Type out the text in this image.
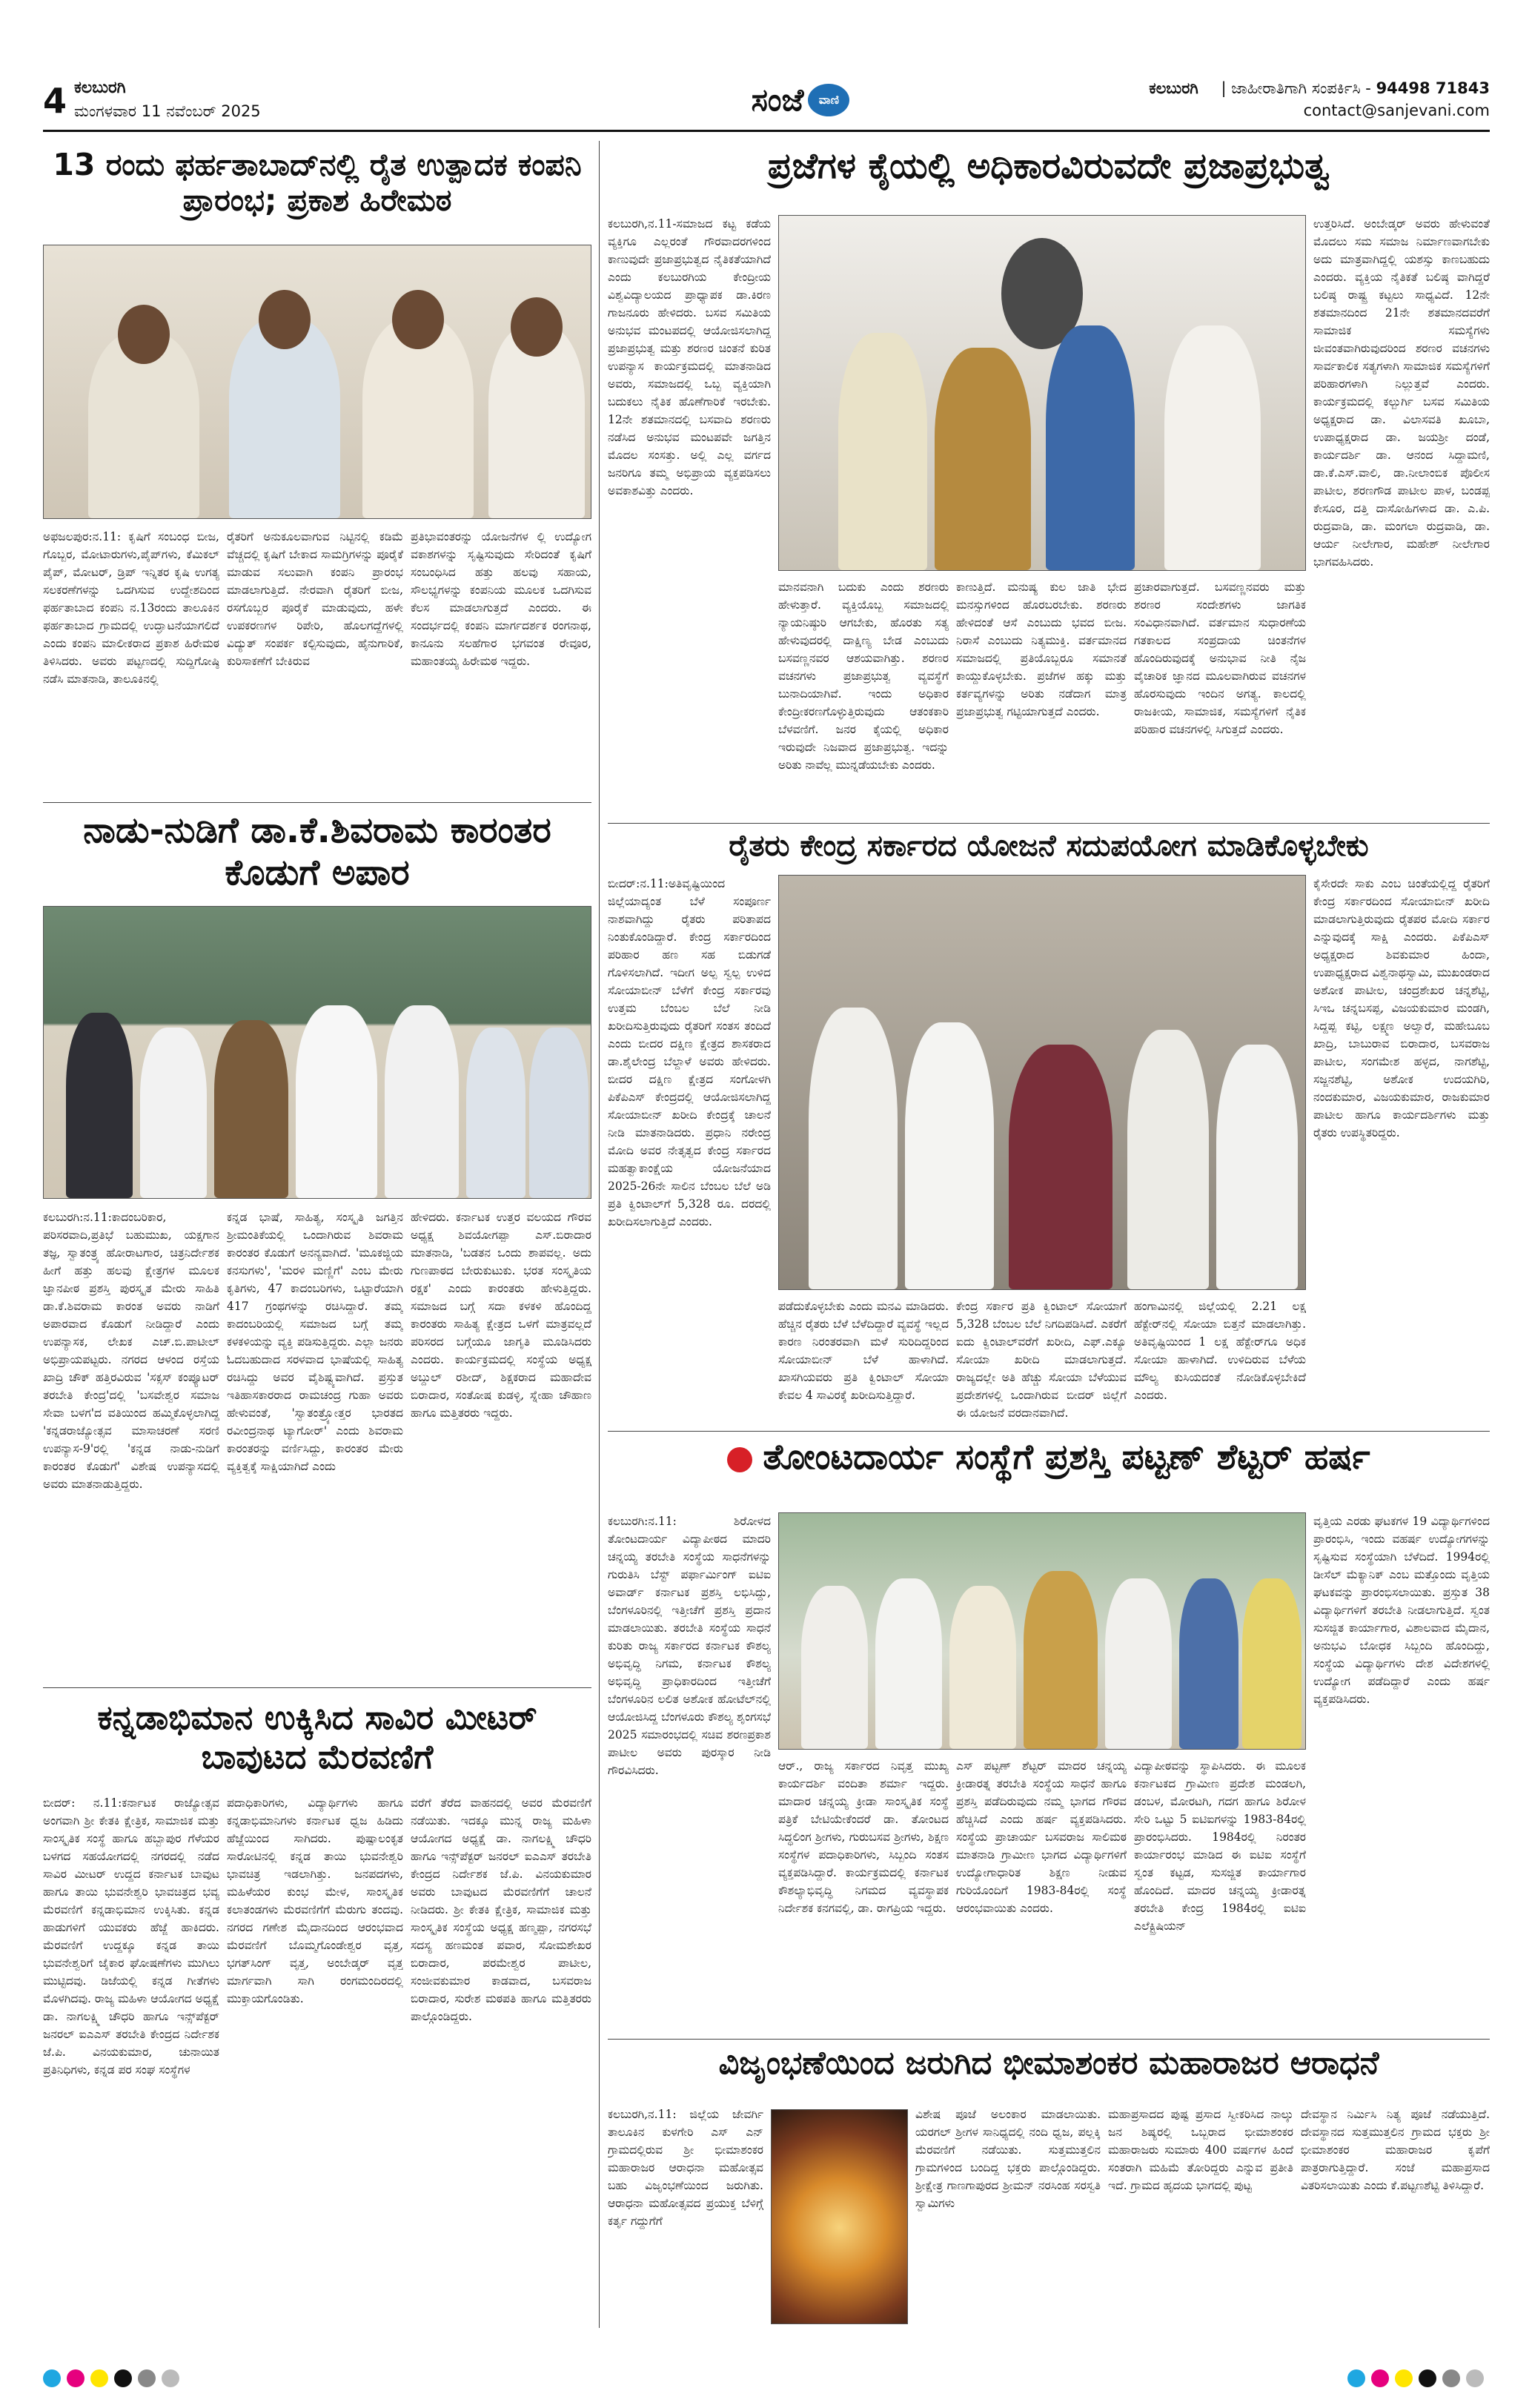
4 ಕಲಬುರಗಿ
ಮಂಗಳವಾರ 11 ನವೆಂಬರ್ 2025	ಸಂಜೆ	ವಾಣಿ
ಕಲಬುರಗಿ | ಜಾಹೀರಾತಿಗಾಗಿ ಸಂಪರ್ಕಿಸಿ - 94498 71843
contact@sanjevani.com
13 ರಂದು ಫರ್ಹತಾಬಾದ್‌ನಲ್ಲಿ ರೈತ ಉತ್ಪಾದಕ ಕಂಪನಿ ಪ್ರಾರಂಭ; ಪ್ರಕಾಶ ಹಿರೇಮಠ
ಅಫಜಲಪುರ:ನ.11: ಕೃಷಿಗೆ ಸಂಬಂಧ ಬೀಜ, ಗೊಬ್ಬರ, ಮೋಟಾರುಗಳು,ಪೈಪ್‌ಗಳು, ಕೆಮಿಕಲ್ ಪೈಪ್, ಮೋಟರ್, ಡ್ರಿಪ್ ಇನ್ನಿತರ ಕೃಷಿ ಉಗತ್ಯ ಸಲಕರಣೆಗಳನ್ನು ಒದಗಿಸುವ ಉದ್ದೇಶದಿಂದ ಫರ್ಹತಾಬಾದ ಕಂಪನಿ ನ.13ರಂದು ತಾಲೂಕಿನ ಫರ್ಹತಾಬಾದ ಗ್ರಾಮದಲ್ಲಿ ಉದ್ಘಾಟನೆಯಾಗಲಿದೆ ಎಂದು ಕಂಪನಿ ಮಾಲೀಕರಾದ ಪ್ರಕಾಶ ಹಿರೇಮಠ ತಿಳಿಸಿದರು. ಅವರು ಪಟ್ಟಣದಲ್ಲಿ ಸುದ್ದಿಗೋಷ್ಠಿ ನಡೆಸಿ ಮಾತನಾಡಿ, ತಾಲೂಕಿನಲ್ಲಿ
ರೈತರಿಗೆ ಅನುಕೂಲವಾಗುವ ನಿಟ್ಟಿನಲ್ಲಿ ಕಡಿಮೆ ವೆಚ್ಚದಲ್ಲಿ ಕೃಷಿಗೆ ಬೇಕಾದ ಸಾಮಗ್ರಿಗಳನ್ನು ಪೂರೈಕೆ ಮಾಡುವ ಸಲುವಾಗಿ ಕಂಪನಿ ಪ್ರಾರಂಭ ಮಾಡಲಾಗುತ್ತಿದೆ. ನೇರವಾಗಿ ರೈತರಿಗೆ ಬೀಜ, ರಸಗೊಬ್ಬರ ಪೂರೈಕೆ ಮಾಡುವುದು, ಹಳೇ ಉಪಕರಣಗಳ ರಿಪೇರಿ, ಹೊಲಗದ್ದೆಗಳಲ್ಲಿ ವಿದ್ಯುತ್ ಸಂಪರ್ಕ ಕಲ್ಪಿಸುವುದು, ಹೈನುಗಾರಿಕೆ, ಕುರಿಸಾಕಣೆಗೆ ಬೇಕಿರುವ
ಪ್ರತಿಭಾವಂತರನ್ನು ಯೋಜನೆಗಳ ಲ್ಲಿ ಉದ್ಯೋಗ ವಕಾಶಗಳನ್ನು ಸೃಷ್ಟಿಸುವುದು ಸೇರಿದಂತೆ ಕೃಷಿಗೆ ಸಂಬಂಧಿಸಿದ ಹತ್ತು ಹಲವು ಸಹಾಯ, ಸೌಲಭ್ಯಗಳನ್ನು ಕಂಪನಿಯ ಮೂಲಕ ಒದಗಿಸುವ ಕೆಲಸ ಮಾಡಲಾಗುತ್ತದೆ ಎಂದರು. ಈ ಸಂದರ್ಭದಲ್ಲಿ ಕಂಪನಿ ಮಾರ್ಗದರ್ಶಕ ರಂಗನಾಥ, ಕಾನೂನು ಸಲಹೆಗಾರ ಭಗವಂತ ರೇವೂರ, ಮಹಾಂತಯ್ಯ ಹಿರೇಮಠ ಇದ್ದರು.
ನಾಡು-ನುಡಿಗೆ ಡಾ.ಕೆ.ಶಿವರಾಮ ಕಾರಂತರ ಕೊಡುಗೆ ಅಪಾರ
ಕಲಬುರಗಿ:ನ.11:ಕಾದಂಬರಿಕಾರ, ಪರಿಸರವಾದಿ,ಪ್ರತಿಭೆ ಬಹುಮುಖ, ಯಕ್ಷಗಾನ ತಜ್ಞ, ಸ್ವಾತಂತ್ರ್ಯ ಹೋರಾಟಗಾರ, ಚಿತ್ರನಿರ್ದೇಶಕ ಹೀಗೆ ಹತ್ತು ಹಲವು ಕ್ಷೇತ್ರಗಳ ಮೂಲಕ ಜ್ಞಾನಪೀಠ ಪ್ರಶಸ್ತಿ ಪುರಸ್ಕೃತ ಮೇರು ಸಾಹಿತಿ ಡಾ.ಕೆ.ಶಿವರಾಮ ಕಾರಂತ ಅವರು ನಾಡಿಗೆ ಅಪಾರವಾದ ಕೊಡುಗೆ ನೀಡಿದ್ದಾರೆ ಎಂದು ಉಪನ್ಯಾಸಕ, ಲೇಖಕ ಎಚ್.ಬಿ.ಪಾಟೀಲ್ ಅಭಿಪ್ರಾಯಪಟ್ಟರು. ನಗರದ ಆಳಂದ ರಸ್ತೆಯ ಖಾದ್ರಿ ಚೌಕ್ ಹತ್ತಿರವಿರುವ 'ಸಕ್ಸಸ್ ಕಂಪ್ಯೂಟರ್ ತರಬೇತಿ ಕೇಂದ್ರ'ದಲ್ಲಿ 'ಬಸವೇಶ್ವರ ಸಮಾಜ ಸೇವಾ ಬಳಗ'ದ ವತಿಯಿಂದ ಹಮ್ಮಿಕೊಳ್ಳಲಾಗಿದ್ದ 'ಕನ್ನಡರಾಜ್ಯೋತ್ಸವ ಮಾಸಾಚರಣೆ ಸರಣಿ ಉಪನ್ಯಾಸ-9'ರಲ್ಲಿ 'ಕನ್ನಡ ನಾಡು-ನುಡಿಗೆ ಕಾರಂತರ ಕೊಡುಗೆ' ವಿಶೇಷ ಉಪನ್ಯಾಸದಲ್ಲಿ ಅವರು ಮಾತನಾಡುತ್ತಿದ್ದರು.
ಕನ್ನಡ ಭಾಷೆ, ಸಾಹಿತ್ಯ, ಸಂಸ್ಕೃತಿ ಜಗತ್ತಿನ ಶ್ರೀಮಂತಿಕೆಯಲ್ಲಿ ಒಂದಾಗಿರುವ ಶಿವರಾಮ ಕಾರಂತರ ಕೊಡುಗೆ ಅನನ್ಯವಾಗಿದೆ. 'ಮೂಕಜ್ಜಿಯ ಕನಸುಗಳು', 'ಮರಳಿ ಮಣ್ಣಿಗೆ' ಎಂಬ ಮೇರು ಕೃತಿಗಳು, 47 ಕಾದಂಬರಿಗಳು, ಒಟ್ಟಾರೆಯಾಗಿ 417 ಗ್ರಂಥಗಳನ್ನು ರಚಿಸಿದ್ದಾರೆ. ತಮ್ಮ ಕಾದಂಬರಿಯಲ್ಲಿ ಸಮಾಜದ ಬಗ್ಗೆ ತಮ್ಮ ಕಳಕಳಿಯನ್ನು ವ್ಯಕ್ತಿ ಪಡಿಸುತ್ತಿದ್ದರು. ಎಲ್ಲಾ ಜನರು ಓದಬಹುದಾದ ಸರಳವಾದ ಭಾಷೆಯಲ್ಲಿ ಸಾಹಿತ್ಯ ರಚಿಸಿದ್ದು ಅವರ ವೈಶಿಷ್ಟ್ಯವಾಗಿದೆ. ಪ್ರಸ್ತುತ ಇತಿಹಾಸಕಾರರಾದ ರಾಮಚಂದ್ರ ಗುಹಾ ಅವರು ಹೇಳುವಂತೆ, 'ಸ್ವಾತಂತ್ರ್ಯೋತ್ತರ ಭಾರತದ ರವೀಂದ್ರನಾಥ ಟ್ಯಾಗೋರ್' ಎಂದು ಶಿವರಾಮ ಕಾರಂತರನ್ನು ವರ್ಣಿಸಿದ್ದು, ಕಾರಂತರ ಮೇರು ವ್ಯಕ್ತಿತ್ವಕ್ಕೆ ಸಾಕ್ಷಿಯಾಗಿದೆ ಎಂದು
ಹೇಳಿದರು. ಕರ್ನಾಟಕ ಉತ್ತರ ವಲಯದ ಗೌರವ ಅಧ್ಯಕ್ಷ ಶಿವಯೋಗಪ್ಪಾ ಎಸ್.ಬಿರಾದಾರ ಮಾತನಾಡಿ, 'ಬಡತನ ಒಂದು ಶಾಪವಲ್ಲ. ಅದು ಗುಣಪಾಠದ ಬೇರುಕುಟುಕು. ಭರತ ಸಂಸ್ಕೃತಿಯ ರಕ್ಷಕ' ಎಂದು ಕಾರಂತರು ಹೇಳುತ್ತಿದ್ದರು. ಸಮಾಜದ ಬಗ್ಗೆ ಸದಾ ಕಳಕಳಿ ಹೊಂದಿದ್ದ ಕಾರಂತರು ಸಾಹಿತ್ಯ ಕ್ಷೇತ್ರದ ಒಳಗೆ ಮಾತ್ರವಲ್ಲದೆ ಪರಿಸರದ ಬಗ್ಗೆಯೂ ಜಾಗೃತಿ ಮೂಡಿಸಿದರು ಎಂದರು. ಕಾರ್ಯಕ್ರಮದಲ್ಲಿ ಸಂಸ್ಥೆಯ ಅಧ್ಯಕ್ಷ ಅಬ್ದುಲ್ ರಶೀದ್, ಶಿಕ್ಷಕರಾದ ಮಹಾದೇವ ಬಿರಾದಾರ, ಸಂತೋಷ ಕುಡಳ್ಳಿ, ಸ್ನೇಹಾ ಚೌಹಾಣ ಹಾಗೂ ಮತ್ತಿತರರು ಇದ್ದರು.
ಕನ್ನಡಾಭಿಮಾನ ಉಕ್ಕಿಸಿದ ಸಾವಿರ ಮೀಟರ್ ಬಾವುಟದ ಮೆರವಣಿಗೆ
ಬೀದರ್: ನ.11:ಕರ್ನಾಟಕ ರಾಜ್ಯೋತ್ಸವ ಅಂಗವಾಗಿ ಶ್ರೀ ಕೇತಕಿ ಕ್ಷೇತ್ರಿಕ, ಸಾಮಾಜಿಕ ಮತ್ತು ಸಾಂಸ್ಕೃತಿಕ ಸಂಸ್ಥೆ ಹಾಗೂ ಹಬ್ಬಾಪುರ ಗೆಳೆಯರ ಬಳಗದ ಸಹಯೋಗದಲ್ಲಿ ನಗರದಲ್ಲಿ ನಡೆದ ಸಾವಿರ ಮೀಟರ್ ಉದ್ದದ ಕರ್ನಾಟಕ ಬಾವುಟ ಹಾಗೂ ತಾಯಿ ಭುವನೇಶ್ವರಿ ಭಾವಚಿತ್ರದ ಭವ್ಯ ಮೆರವಣಿಗೆ ಕನ್ನಡಾಭಿಮಾನ ಉಕ್ಕಿಸಿತು. ಕನ್ನಡ ಹಾಡುಗಳಿಗೆ ಯುವಕರು ಹೆಜ್ಜೆ ಹಾಕಿದರು. ಮೆರವಣಿಗೆ ಉದ್ದಕ್ಕೂ ಕನ್ನಡ ತಾಯಿ ಭುವನೇಶ್ವರಿಗೆ ಜೈಕಾರ ಘೋಷಣೆಗಳು ಮುಗಿಲು ಮುಟ್ಟಿದವು. ಡಿಜೆಯಲ್ಲಿ ಕನ್ನಡ ಗೀತೆಗಳು ಮೊಳಗಿದವು. ರಾಜ್ಯ ಮಹಿಳಾ ಆಯೋಗದ ಅಧ್ಯಕ್ಷೆ ಡಾ. ನಾಗಲಕ್ಷ್ಮಿ ಚೌಧರಿ ಹಾಗೂ ಇನ್ಸ್‌ಪೆಕ್ಟರ್ ಜನರಲ್ ಐಎಎಸ್ ತರಬೇತಿ ಕೇಂದ್ರದ ನಿರ್ದೇಶಕ ಜೆ.ಪಿ. ವಿನಯಕುಮಾರ, ಚುನಾಯಿತ ಪ್ರತಿನಿಧಿಗಳು, ಕನ್ನಡ ಪರ ಸಂಘ ಸಂಸ್ಥೆಗಳ
ಪದಾಧಿಕಾರಿಗಳು, ವಿದ್ಯಾರ್ಥಿಗಳು ಹಾಗೂ ಕನ್ನಡಾಭಿಮಾನಿಗಳು ಕರ್ನಾಟಕ ಧ್ವಜ ಹಿಡಿದು ಹೆಜ್ಜೆಯಿಂದ ಸಾಗಿದರು. ಪುಷ್ಪಾಲಂಕೃತ ಸಾರೋಟಿನಲ್ಲಿ ಕನ್ನಡ ತಾಯಿ ಭುವನೇಶ್ವರಿ ಭಾವಚಿತ್ರ ಇಡಲಾಗಿತ್ತು. ಜನಪದಗಳು, ಮಹಿಳೆಯರ ಕುಂಭ ಮೇಳ, ಸಾಂಸ್ಕೃತಿಕ ಕಲಾತಂಡಗಳು ಮೆರವಣಿಗೆಗೆ ಮೆರುಗು ತಂದವು. ನಗರದ ಗಣೇಶ ಮೈದಾನದಿಂದ ಆರಂಭವಾದ ಮೆರವಣಿಗೆ ಬೊಮ್ಮಗೊಂಡೇಶ್ವರ ವೃತ್ತ, ಭಗತ್‌ಸಿಂಗ್ ವೃತ್ತ, ಅಂಬೇಡ್ಕರ್ ವೃತ್ತ ಮಾರ್ಗವಾಗಿ ಸಾಗಿ ರಂಗಮಂದಿರದಲ್ಲಿ ಮುಕ್ತಾಯಗೊಂಡಿತು.
ವರೆಗೆ ತೆರೆದ ವಾಹನದಲ್ಲಿ ಅವರ ಮೆರವಣಿಗೆ ನಡೆಯಿತು. ಇದಕ್ಕೂ ಮುನ್ನ ರಾಜ್ಯ ಮಹಿಳಾ ಆಯೋಗದ ಅಧ್ಯಕ್ಷೆ ಡಾ. ನಾಗಲಕ್ಷ್ಮಿ ಚೌಧರಿ ಹಾಗೂ ಇನ್ಸ್‌ಪೆಕ್ಟರ್ ಜನರಲ್ ಐಎಎಸ್ ತರಬೇತಿ ಕೇಂದ್ರದ ನಿರ್ದೇಶಕ ಜೆ.ಪಿ. ವಿನಯಕುಮಾರ ಅವರು ಬಾವುಟದ ಮೆರವಣಿಗೆಗೆ ಚಾಲನೆ ನೀಡಿದರು. ಶ್ರೀ ಕೇತಕಿ ಕ್ಷೇತ್ರಿಕ, ಸಾಮಾಜಿಕ ಮತ್ತು ಸಾಂಸ್ಕೃತಿಕ ಸಂಸ್ಥೆಯ ಅಧ್ಯಕ್ಷ ಹಣ್ಮಪ್ಪಾ, ನಗರಸಭೆ ಸದಸ್ಯ ಹಣಮಂತ ಪವಾರ, ಸೋಮಶೇಖರ ಬಿರಾದಾರ, ಪರಮೇಶ್ವರ ಪಾಟೀಲ, ಸಂಜೀವಕುಮಾರ ಕಾಡವಾದ, ಬಸವರಾಜ ಬಿರಾದಾರ, ಸುರೇಶ ಮಠಪತಿ ಹಾಗೂ ಮತ್ತಿತರರು ಪಾಲ್ಗೊಂಡಿದ್ದರು.
ಪ್ರಜೆಗಳ ಕೈಯಲ್ಲಿ ಅಧಿಕಾರವಿರುವದೇ ಪ್ರಜಾಪ್ರಭುತ್ವ
ಕಲಬುರಗಿ,ನ.11-ಸಮಾಜದ ಕಟ್ಟ ಕಡೆಯ ವ್ಯಕ್ತಿಗೂ ಎಲ್ಲರಂತೆ ಗೌರವಾದರಗಳಿಂದ ಕಾಣುವುದೇ ಪ್ರಜಾಪ್ರಭುತ್ವದ ನೈತಿಕತೆಯಾಗಿದೆ ಎಂದು ಕಲಬುರಗಿಯ ಕೇಂದ್ರೀಯ ವಿಶ್ವವಿದ್ಯಾಲಯದ ಪ್ರಾಧ್ಯಾಪಕ ಡಾ.ಕಿರಣ ಗಾಜನೂರು ಹೇಳಿದರು. ಬಸವ ಸಮಿತಿಯ ಅನುಭವ ಮಂಟಪದಲ್ಲಿ ಆಯೋಜಿಸಲಾಗಿದ್ದ ಪ್ರಜಾಪ್ರಭುತ್ವ ಮತ್ತು ಶರಣರ ಚಿಂತನೆ ಕುರಿತ ಉಪನ್ಯಾಸ ಕಾರ್ಯಕ್ರಮದಲ್ಲಿ ಮಾತನಾಡಿದ ಅವರು, ಸಮಾಜದಲ್ಲಿ ಒಬ್ಬ ವ್ಯಕ್ತಿಯಾಗಿ ಬದುಕಲು ನೈತಿಕ ಹೊಣೆಗಾರಿಕೆ ಇರಬೇಕು. 12ನೇ ಶತಮಾನದಲ್ಲಿ ಬಸವಾದಿ ಶರಣರು ನಡೆಸಿದ ಅನುಭವ ಮಂಟಪವೇ ಜಗತ್ತಿನ ಮೊದಲ ಸಂಸತ್ತು. ಅಲ್ಲಿ ಎಲ್ಲ ವರ್ಗದ ಜನರಿಗೂ ತಮ್ಮ ಅಭಿಪ್ರಾಯ ವ್ಯಕ್ತಪಡಿಸಲು ಅವಕಾಶವಿತ್ತು ಎಂದರು.
ಉತ್ತರಿಸಿದೆ. ಅಂಬೇಡ್ಕರ್ ಅವರು ಹೇಳುವಂತೆ ಮೊದಲು ಸಮ ಸಮಾಜ ನಿರ್ಮಾಣವಾಗಬೇಕು ಅದು ಮಾತ್ರವಾಗಿದ್ದಲ್ಲಿ ಯಶಸ್ಸು ಕಾಣಬಹುದು ಎಂದರು. ವ್ಯಕ್ತಿಯ ನೈತಿಕತೆ ಬಲಿಷ್ಠ ವಾಗಿದ್ದರೆ ಬಲಿಷ್ಠ ರಾಷ್ಟ್ರ ಕಟ್ಟಲು ಸಾಧ್ಯವಿದೆ. 12ನೇ ಶತಮಾನದಿಂದ 21ನೇ ಶತಮಾನದವರೆಗೆ ಸಾಮಾಜಿಕ ಸಮಸ್ಯೆಗಳು ಜೀವಂತವಾಗಿರುವುದರಿಂದ ಶರಣರ ವಚನಗಳು ಸಾರ್ವಕಾಲಿಕ ಸತ್ಯಗಳಾಗಿ ಸಾಮಾಜಿಕ ಸಮಸ್ಯೆಗಳಿಗೆ ಪರಿಹಾರಗಳಾಗಿ ನಿಲ್ಲುತ್ತವೆ ಎಂದರು. ಕಾರ್ಯಕ್ರಮದಲ್ಲಿ ಕಲ್ಬುರ್ಗಿ ಬಸವ ಸಮಿತಿಯ ಅಧ್ಯಕ್ಷರಾದ ಡಾ. ವಿಲಾಸವತಿ ಖೂಬಾ, ಉಪಾಧ್ಯಕ್ಷರಾದ ಡಾ. ಜಯಶ್ರೀ ದಂಡೆ, ಕಾರ್ಯದರ್ಶಿ ಡಾ. ಆನಂದ ಸಿದ್ದಾಮಣಿ, ಡಾ.ಕೆ.ಎಸ್.ವಾಲಿ, ಡಾ.ನೀಲಾಂಬಿಕ ಪೊಲೀಸ ಪಾಟೀಲ, ಶರಣಗೌಡ ಪಾಟೀಲ ಪಾಳ, ಬಂಡಪ್ಪ ಕೇಸೂರ, ದತ್ತಿ ದಾಸೋಹಿಗಳಾದ ಡಾ. ಎ.ಪಿ. ರುದ್ರವಾಡಿ, ಡಾ. ಮಂಗಲಾ ರುದ್ರವಾಡಿ, ಡಾ. ಆರ್ಯ ನೀಲೇಗಾರ, ಮಹೇಶ್ ನೀಲೇಗಾರ ಭಾಗವಹಿಸಿದರು.
ಮಾನವನಾಗಿ ಬದುಕು ಎಂದು ಶರಣರು ಹೇಳುತ್ತಾರೆ. ವ್ಯಕ್ತಿಯೊಬ್ಬ ಸಮಾಜದಲ್ಲಿ ನ್ಯಾಯನಿಷ್ಠುರಿ ಆಗಬೇಕು, ಹೊರತು ಸತ್ಯ ಹೇಳುವುದರಲ್ಲಿ ದಾಕ್ಷಿಣ್ಯ ಬೇಡ ಎಂಬುದು ಬಸವಣ್ಣನವರ ಆಶಯವಾಗಿತ್ತು. ಶರಣರ ವಚನಗಳು ಪ್ರಜಾಪ್ರಭುತ್ವ ವ್ಯವಸ್ಥೆಗೆ ಬುನಾದಿಯಾಗಿವೆ. ಇಂದು ಅಧಿಕಾರ ಕೇಂದ್ರೀಕರಣಗೊಳ್ಳುತ್ತಿರುವುದು ಆತಂಕಕಾರಿ ಬೆಳವಣಿಗೆ. ಜನರ ಕೈಯಲ್ಲಿ ಅಧಿಕಾರ ಇರುವುದೇ ನಿಜವಾದ ಪ್ರಜಾಪ್ರಭುತ್ವ. ಇದನ್ನು ಅರಿತು ನಾವೆಲ್ಲ ಮುನ್ನಡೆಯಬೇಕು ಎಂದರು.
ಕಾಣುತ್ತಿದೆ. ಮನುಷ್ಯ ಕುಲ ಜಾತಿ ಭೇದ ಮನಸ್ಸುಗಳಿಂದ ಹೊರಬರಬೇಕು. ಶರಣರು ಹೇಳಿದಂತೆ ಆಸೆ ಎಂಬುದು ಭವದ ಬೀಜ. ನಿರಾಸೆ ಎಂಬುದು ನಿತ್ಯಮುಕ್ತಿ. ವರ್ತಮಾನದ ಸಮಾಜದಲ್ಲಿ ಪ್ರತಿಯೊಬ್ಬರೂ ಸಮಾನತೆ ಕಾಯ್ದುಕೊಳ್ಳಬೇಕು. ಪ್ರಜೆಗಳ ಹಕ್ಕು ಮತ್ತು ಕರ್ತವ್ಯಗಳನ್ನು ಅರಿತು ನಡೆದಾಗ ಮಾತ್ರ ಪ್ರಜಾಪ್ರಭುತ್ವ ಗಟ್ಟಿಯಾಗುತ್ತದೆ ಎಂದರು.
ಪ್ರಚಾರವಾಗುತ್ತದೆ. ಬಸವಣ್ಣನವರು ಮತ್ತು ಶರಣರ ಸಂದೇಶಗಳು ಜಾಗತಿಕ ಸಂವಿಧಾನವಾಗಿದೆ. ವರ್ತಮಾನ ಸುಧಾರಣೆಯ ಗತಕಾಲದ ಸಂಪ್ರದಾಯ ಚಿಂತನೆಗಳ ಹೊಂದಿರುವುದಕ್ಕೆ ಅನುಭಾವ ನೀತಿ ನೈಜ ವೈಚಾರಿಕ ಜ್ಞಾನದ ಮೂಲವಾಗಿರುವ ವಚನಗಳ ಹೊರಸುವುದು ಇಂದಿನ ಅಗತ್ಯ. ಕಾಲದಲ್ಲಿ ರಾಜಕೀಯ, ಸಾಮಾಜಿಕ, ಸಮಸ್ಯೆಗಳಿಗೆ ನೈತಿಕ ಪರಿಹಾರ ವಚನಗಳಲ್ಲಿ ಸಿಗುತ್ತದೆ ಎಂದರು.
ರೈತರು ಕೇಂದ್ರ ಸರ್ಕಾರದ ಯೋಜನೆ ಸದುಪಯೋಗ ಮಾಡಿಕೊಳ್ಳಬೇಕು
ಬೀದರ್:ನ.11:ಅತಿವೃಷ್ಟಿಯಿಂದ ಜಿಲ್ಲೆಯಾದ್ಯಂತ ಬೆಳೆ ಸಂಪೂರ್ಣ ನಾಶವಾಗಿದ್ದು ರೈತರು ಪರಿತಾಪದ ನಿಂತುಕೊಂಡಿದ್ದಾರೆ. ಕೇಂದ್ರ ಸರ್ಕಾರದಿಂದ ಪರಿಹಾರ ಹಣ ಸಹ ಬಿಡುಗಡೆ ಗೊಳಿಸಲಾಗಿದೆ. ಇದೀಗ ಅಲ್ಪ ಸ್ವಲ್ಪ ಉಳಿದ ಸೋಯಾಬೀನ್ ಬೆಳೆಗೆ ಕೇಂದ್ರ ಸರ್ಕಾರವು ಉತ್ತಮ ಬೆಂಬಲ ಬೆಲೆ ನೀಡಿ ಖರೀದಿಸುತ್ತಿರುವುದು ರೈತರಿಗೆ ಸಂತಸ ತಂದಿದೆ ಎಂದು ಬೀದರ ದಕ್ಷಿಣ ಕ್ಷೇತ್ರದ ಶಾಸಕರಾದ ಡಾ.ಶೈಲೇಂದ್ರ ಬೆಲ್ದಾಳೆ ಅವರು ಹೇಳಿದರು. ಬೀದರ ದಕ್ಷಿಣ ಕ್ಷೇತ್ರದ ಸಂಗೋಳಗಿ ಪಿಕೆಪಿಎಸ್ ಕೇಂದ್ರದಲ್ಲಿ ಆಯೋಜಿಸಲಾಗಿದ್ದ ಸೋಯಾಬೀನ್ ಖರೀದಿ ಕೇಂದ್ರಕ್ಕೆ ಚಾಲನೆ ನೀಡಿ ಮಾತನಾಡಿದರು. ಪ್ರಧಾನಿ ನರೇಂದ್ರ ಮೋದಿ ಅವರ ನೇತೃತ್ವದ ಕೇಂದ್ರ ಸರ್ಕಾರದ ಮಹತ್ವಾಕಾಂಕ್ಷೆಯ ಯೋಜನೆಯಾದ 2025-26ನೇ ಸಾಲಿನ ಬೆಂಬಲ ಬೆಲೆ ಅಡಿ ಪ್ರತಿ ಕ್ವಿಂಟಾಲ್‌ಗೆ 5,328 ರೂ. ದರದಲ್ಲಿ ಖರೀದಿಸಲಾಗುತ್ತಿದೆ ಎಂದರು.
ಕೈಸೇರದೇ ಸಾಕು ಎಂಬ ಚಿಂತೆಯಲ್ಲಿದ್ದ ರೈತರಿಗೆ ಕೇಂದ್ರ ಸರ್ಕಾರದಿಂದ ಸೋಯಾಬೀನ್ ಖರೀದಿ ಮಾಡಲಾಗುತ್ತಿರುವುದು ರೈತಪರ ಮೋದಿ ಸರ್ಕಾರ ಎನ್ನುವುದಕ್ಕೆ ಸಾಕ್ಷಿ ಎಂದರು. ಪಿಕೆಪಿಎಸ್ ಅಧ್ಯಕ್ಷರಾದ ಶಿವಕುಮಾರ ಹಿಂದಾ, ಉಪಾಧ್ಯಕ್ಷರಾದ ವಿಶ್ವನಾಥಸ್ವಾಮಿ, ಮುಖಂಡರಾದ ಅಶೋಕ ಪಾಟೀಲ, ಚಂದ್ರಶೇಖರ ಚನ್ನಶೆಟ್ಟಿ, ಸಿಇಒ ಚನ್ನಬಸಪ್ಪ, ವಿಜಯಕುಮಾರ ಮಂಡಗಿ, ಸಿದ್ದಪ್ಪ ಕಟ್ಟಿ, ಲಕ್ಷ್ಮಣ ಅಲ್ವಾರೆ, ಮಹೇಬೂಬ ಖಾದ್ರಿ, ಬಾಬುರಾವ ಬಿರಾದಾರ, ಬಸವರಾಜ ಪಾಟೀಲ, ಸಂಗಮೇಶ ಹಳ್ಳದ, ನಾಗಶೆಟ್ಟಿ, ಸಜ್ಜನಶೆಟ್ಟಿ, ಅಶೋಕ ಉದಯಗಿರಿ, ನಂದಕುಮಾರ, ವಿಜಯಕುಮಾರ, ರಾಜಕುಮಾರ ಪಾಟೀಲ ಹಾಗೂ ಕಾರ್ಯದರ್ಶಿಗಳು ಮತ್ತು ರೈತರು ಉಪಸ್ಥಿತರಿದ್ದರು.
ಪಡೆದುಕೊಳ್ಳಬೇಕು ಎಂದು ಮನವಿ ಮಾಡಿದರು. ಹೆಚ್ಚಿನ ರೈತರು ಬೆಳೆ ಬೆಳೆದಿದ್ದಾರೆ ವ್ಯವಸ್ಥೆ ಇಲ್ಲದ ಕಾರಣ ನಿರಂತರವಾಗಿ ಮಳೆ ಸುರಿದಿದ್ದರಿಂದ ಸೋಯಾಬೀನ್ ಬೆಳೆ ಹಾಳಾಗಿದೆ. ಖಾಸಗಿಯವರು ಪ್ರತಿ ಕ್ವಿಂಟಾಲ್ ಸೋಯಾ ಕೇವಲ 4 ಸಾವಿರಕ್ಕೆ ಖರೀದಿಸುತ್ತಿದ್ದಾರೆ.
ಕೇಂದ್ರ ಸರ್ಕಾರ ಪ್ರತಿ ಕ್ವಿಂಟಾಲ್ ಸೋಯಾಗೆ 5,328 ಬೆಂಬಲ ಬೆಲೆ ನಿಗದಿಪಡಿಸಿದೆ. ಎಕರೆಗೆ ಐದು ಕ್ವಿಂಟಾಲ್‌ವರೆಗೆ ಖರೀದಿ, ಎಫ್.ಎಕ್ಯೂ ಸೋಯಾ ಖರೀದಿ ಮಾಡಲಾಗುತ್ತದೆ. ರಾಜ್ಯದಲ್ಲೇ ಅತಿ ಹೆಚ್ಚು ಸೋಯಾ ಬೆಳೆಯುವ ಪ್ರದೇಶಗಳಲ್ಲಿ ಒಂದಾಗಿರುವ ಬೀದರ್ ಜಿಲ್ಲೆಗೆ ಈ ಯೋಜನೆ ವರದಾನವಾಗಿದೆ.
ಹಂಗಾಮಿನಲ್ಲಿ ಜಿಲ್ಲೆಯಲ್ಲಿ 2.21 ಲಕ್ಷ ಹೆಕ್ಟೇರ್‌ನಲ್ಲಿ ಸೋಯಾ ಬಿತ್ತನೆ ಮಾಡಲಾಗಿತ್ತು. ಅತಿವೃಷ್ಟಿಯಿಂದ 1 ಲಕ್ಷ ಹೆಕ್ಟೇರ್‌ಗೂ ಅಧಿಕ ಸೋಯಾ ಹಾಳಾಗಿದೆ. ಉಳಿದಿರುವ ಬೆಳೆಯ ಮೌಲ್ಯ ಕುಸಿಯದಂತೆ ನೋಡಿಕೊಳ್ಳಬೇಕಿದೆ ಎಂದರು.
ತೋಂಟದಾರ್ಯ ಸಂಸ್ಥೆಗೆ ಪ್ರಶಸ್ತಿ ಪಟ್ಟಣ್ ಶೆಟ್ಟರ್ ಹರ್ಷ
ಕಲಬುರಗಿ:ನ.11: ಶಿರೋಳದ ತೋಂಟದಾರ್ಯ ವಿದ್ಯಾಪೀಠದ ಮಾದರಿ ಚನ್ನಯ್ಯ ತರಬೇತಿ ಸಂಸ್ಥೆಯ ಸಾಧನೆಗಳನ್ನು ಗುರುತಿಸಿ ಬೆಸ್ಟ್ ಪರ್ಫಾರ್ಮಿಂಗ್ ಐಟಿಐ ಅವಾರ್ಡ್ ಕರ್ನಾಟಕ ಪ್ರಶಸ್ತಿ ಲಭಿಸಿದ್ದು, ಬೆಂಗಳೂರಿನಲ್ಲಿ ಇತ್ತೀಚೆಗೆ ಪ್ರಶಸ್ತಿ ಪ್ರದಾನ ಮಾಡಲಾಯಿತು. ತರಬೇತಿ ಸಂಸ್ಥೆಯ ಸಾಧನೆ ಕುರಿತು ರಾಜ್ಯ ಸರ್ಕಾರದ ಕರ್ನಾಟಕ ಕೌಶಲ್ಯ ಅಭಿವೃದ್ಧಿ ನಿಗಮ, ಕರ್ನಾಟಕ ಕೌಶಲ್ಯ ಅಭಿವೃದ್ಧಿ ಪ್ರಾಧಿಕಾರದಿಂದ ಇತ್ತೀಚೆಗೆ ಬೆಂಗಳೂರಿನ ಲಲಿತ ಅಶೋಕ ಹೋಟೆಲ್‌ನಲ್ಲಿ ಆಯೋಜಿಸಿದ್ದ ಬೆಂಗಳೂರು ಕೌಶಲ್ಯ ಶೃಂಗಸಭೆ 2025 ಸಮಾರಂಭದಲ್ಲಿ ಸಚಿವ ಶರಣಪ್ರಕಾಶ ಪಾಟೀಲ ಅವರು ಪುರಸ್ಕಾರ ನೀಡಿ ಗೌರವಿಸಿದರು.
ವೃತ್ತಿಯ ಎರಡು ಘಟಕಗಳ 19 ವಿದ್ಯಾರ್ಥಿಗಳಿಂದ ಪ್ರಾರಂಭಿಸಿ, ಇಂದು ವಹರ್ಷ ಉದ್ಯೋಗಗಳನ್ನು ಸೃಷ್ಟಿಸುವ ಸಂಸ್ಥೆಯಾಗಿ ಬೆಳೆದಿದೆ. 1994ರಲ್ಲಿ ಡೀಸೆಲ್ ಮೆಕ್ಯಾನಿಕ್ ಎಂಬ ಮತ್ತೊಂದು ವೃತ್ತಿಯ ಘಟಕವನ್ನು ಪ್ರಾರಂಭಿಸಲಾಯಿತು. ಪ್ರಸ್ತುತ 38 ವಿದ್ಯಾರ್ಥಿಗಳಿಗೆ ತರಬೇತಿ ನೀಡಲಾಗುತ್ತಿದೆ. ಸ್ವಂತ ಸುಸಜ್ಜಿತ ಕಾರ್ಯಾಗಾರ, ವಿಶಾಲವಾದ ಮೈದಾನ, ಅನುಭವಿ ಬೋಧಕ ಸಿಬ್ಬಂದಿ ಹೊಂದಿದ್ದು, ಸಂಸ್ಥೆಯ ವಿದ್ಯಾರ್ಥಿಗಳು ದೇಶ ವಿದೇಶಗಳಲ್ಲಿ ಉದ್ಯೋಗ ಪಡೆದಿದ್ದಾರೆ ಎಂದು ಹರ್ಷ ವ್ಯಕ್ತಪಡಿಸಿದರು.
ಆರ್., ರಾಜ್ಯ ಸರ್ಕಾರದ ನಿವೃತ್ತ ಮುಖ್ಯ ಕಾರ್ಯದರ್ಶಿ ವಂದಿತಾ ಶರ್ಮಾ ಇದ್ದರು. ಮಾದಾರ ಚನ್ನಯ್ಯ ಕ್ರೀಡಾ ಸಾಂಸ್ಕೃತಿಕ ಸಂಸ್ಥೆ ಪತ್ರಿಕೆ ಬೇಟಿಯೇಕೆಂದರೆ ಡಾ. ತೋಂಟದ ಸಿದ್ಧಲಿಂಗ ಶ್ರೀಗಳು, ಗುರುಬಸವ ಶ್ರೀಗಳು, ಶಿಕ್ಷಣ ಸಂಸ್ಥೆಗಳ ಪದಾಧಿಕಾರಿಗಳು, ಸಿಬ್ಬಂದಿ ಸಂತಸ ವ್ಯಕ್ತಪಡಿಸಿದ್ದಾರೆ. ಕಾರ್ಯಕ್ರಮದಲ್ಲಿ ಕರ್ನಾಟಕ ಕೌಶಲ್ಯಾಭಿವೃದ್ಧಿ ನಿಗಮದ ವ್ಯವಸ್ಥಾಪಕ ನಿರ್ದೇಶಕ ಕನಗವಲ್ಲಿ, ಡಾ. ರಾಗಪ್ರಿಯ ಇದ್ದರು.
ಎಸ್ ಪಟ್ಟಣ್ ಶೆಟ್ಟರ್ ಮಾದರ ಚನ್ನಯ್ಯ ಕ್ರೀಡಾರತ್ನ ತರಬೇತಿ ಸಂಸ್ಥೆಯ ಸಾಧನೆ ಹಾಗೂ ಪ್ರಶಸ್ತಿ ಪಡೆದಿರುವುದು ನಮ್ಮ ಭಾಗದ ಗೌರವ ಹೆಚ್ಚಿಸಿದೆ ಎಂದು ಹರ್ಷ ವ್ಯಕ್ತಪಡಿಸಿದರು. ಸಂಸ್ಥೆಯ ಪ್ರಾಚಾರ್ಯ ಬಸವರಾಜ ಸಾಲಿಮಠ ಮಾತನಾಡಿ ಗ್ರಾಮೀಣ ಭಾಗದ ವಿದ್ಯಾರ್ಥಿಗಳಿಗೆ ಉದ್ಯೋಗಾಧಾರಿತ ಶಿಕ್ಷಣ ನೀಡುವ ಗುರಿಯೊಂದಿಗೆ 1983-84ರಲ್ಲಿ ಸಂಸ್ಥೆ ಆರಂಭವಾಯಿತು ಎಂದರು.
ವಿದ್ಯಾಪೀಠವನ್ನು ಸ್ಥಾಪಿಸಿದರು. ಈ ಮೂಲಕ ಕರ್ನಾಟಕದ ಗ್ರಾಮೀಣ ಪ್ರದೇಶ ಮಂಡಲಗಿ, ಡಂಬಳ, ಮೋರಟಗಿ, ಗದಗ ಹಾಗೂ ಶಿರೋಳ ಸೇರಿ ಒಟ್ಟು 5 ಐಟಿಐಗಳನ್ನು 1983-84ರಲ್ಲಿ ಪ್ರಾರಂಭಿಸಿದರು. 1984ರಲ್ಲಿ ನಿರಂತರ ಕಾರ್ಯಾರಂಭ ಮಾಡಿದ ಈ ಐಟಿಐ ಸಂಸ್ಥೆಗೆ ಸ್ವಂತ ಕಟ್ಟಡ, ಸುಸಜ್ಜಿತ ಕಾರ್ಯಾಗಾರ ಹೊಂದಿದೆ. ಮಾದರ ಚನ್ನಯ್ಯ ಕ್ರೀಡಾರತ್ನ ತರಬೇತಿ ಕೇಂದ್ರ 1984ರಲ್ಲಿ ಐಟಿಐ ಎಲೆಕ್ಟ್ರಿಷಿಯನ್
ವಿಜೃಂಭಣೆಯಿಂದ ಜರುಗಿದ ಭೀಮಾಶಂಕರ ಮಹಾರಾಜರ ಆರಾಧನೆ
ಕಲಬುರಗಿ,ನ.11: ಜಿಲ್ಲೆಯ ಜೇವರ್ಗಿ ತಾಲೂಕಿನ ಕುಳಗೇರಿ ಎಸ್ ಎನ್ ಗ್ರಾಮದಲ್ಲಿರುವ ಶ್ರೀ ಭೀಮಾಶಂಕರ ಮಹಾರಾಜರ ಆರಾಧನಾ ಮಹೋತ್ಸವ ಬಹು ವಿಜೃಂಭಣೆಯಿಂದ ಜರುಗಿತು. ಆರಾಧನಾ ಮಹೋತ್ಸವದ ಪ್ರಯುಕ್ತ ಬೆಳಿಗ್ಗೆ ಕರ್ತೃ ಗದ್ದುಗೆಗೆ
ವಿಶೇಷ ಪೂಜೆ ಅಲಂಕಾರ ಮಾಡಲಾಯಿತು. ಯರಗಲ್ ಶ್ರೀಗಳ ಸಾನಿಧ್ಯದಲ್ಲಿ ನಂದಿ ಧ್ವಜ, ಪಲ್ಲಕ್ಕಿ ಮೆರವಣಿಗೆ ನಡೆಯಿತು. ಸುತ್ತಮುತ್ತಲಿನ ಗ್ರಾಮಗಳಿಂದ ಬಂದಿದ್ದ ಭಕ್ತರು ಪಾಲ್ಗೊಂಡಿದ್ದರು. ಶ್ರೀಕ್ಷೇತ್ರ ಗಾಣಗಾಪುರದ ಶ್ರೀಮನ್ ನರಸಿಂಹ ಸರಸ್ವತಿ ಸ್ವಾಮಿಗಳು
ಮಹಾಪ್ರಸಾದದ ಪುಷ್ಟ ಪ್ರಸಾದ ಸ್ವೀಕರಿಸಿದ ನಾಲ್ಕು ಜನ ಶಿಷ್ಯರಲ್ಲಿ ಒಬ್ಬರಾದ ಭೀಮಾಶಂಕರ ಮಹಾರಾಜರು ಸುಮಾರು 400 ವರ್ಷಗಳ ಹಿಂದೆ ಸಂತರಾಗಿ ಮಹಿಮೆ ತೋರಿದ್ದರು ಎನ್ನುವ ಪ್ರತೀತಿ ಇದೆ. ಗ್ರಾಮದ ಹೃದಯ ಭಾಗದಲ್ಲಿ ಪುಟ್ಟ
ದೇವಸ್ಥಾನ ನಿರ್ಮಿಸಿ ನಿತ್ಯ ಪೂಜೆ ನಡೆಯುತ್ತಿದೆ. ದೇವಸ್ಥಾನದ ಸುತ್ತಮುತ್ತಲಿನ ಗ್ರಾಮದ ಭಕ್ತರು ಶ್ರೀ ಭೀಮಾಶಂಕರ ಮಹಾರಾಜರ ಕೃಪೆಗೆ ಪಾತ್ರರಾಗುತ್ತಿದ್ದಾರೆ. ಸಂಜೆ ಮಹಾಪ್ರಸಾದ ವಿತರಿಸಲಾಯಿತು ಎಂದು ಕೆ.ಪಟ್ಟಣಶೆಟ್ಟಿ ತಿಳಿಸಿದ್ದಾರೆ.
